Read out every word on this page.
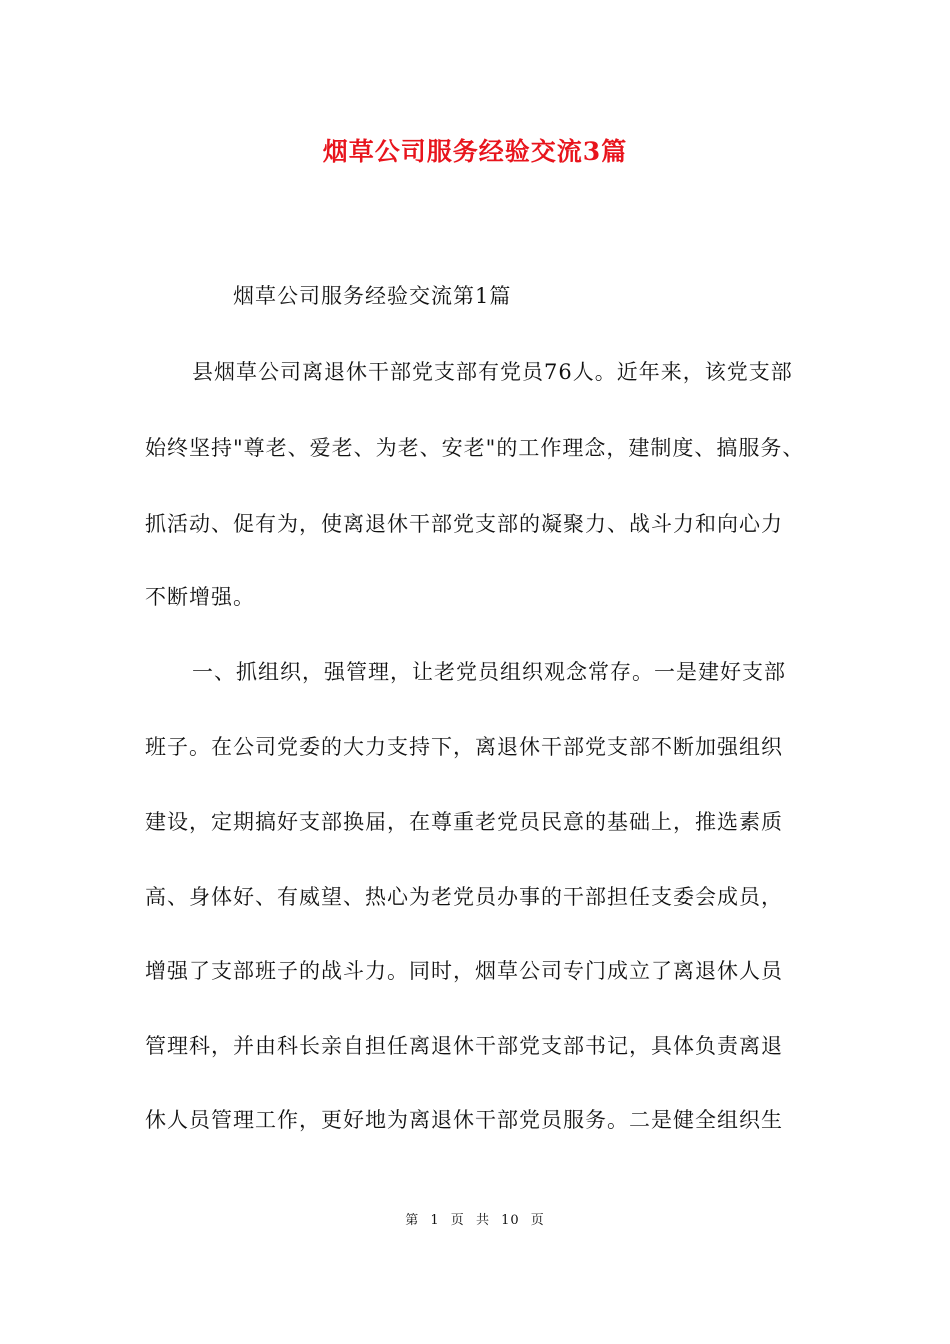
烟草公司服务经验交流3篇
烟草公司服务经验交流第1篇
县烟草公司离退休干部党支部有党员76人。近年来，该党支部
始终坚持"尊老、爱老、为老、安老"的工作理念，建制度、搞服务、
抓活动、促有为，使离退休干部党支部的凝聚力、战斗力和向心力
不断增强。
一、抓组织，强管理，让老党员组织观念常存。一是建好支部
班子。在公司党委的大力支持下，离退休干部党支部不断加强组织
建设，定期搞好支部换届，在尊重老党员民意的基础上，推选素质
高、身体好、有威望、热心为老党员办事的干部担任支委会成员，
增强了支部班子的战斗力。同时，烟草公司专门成立了离退休人员
管理科，并由科长亲自担任离退休干部党支部书记，具体负责离退
休人员管理工作，更好地为离退休干部党员服务。二是健全组织生
第 1 页 共 10 页
